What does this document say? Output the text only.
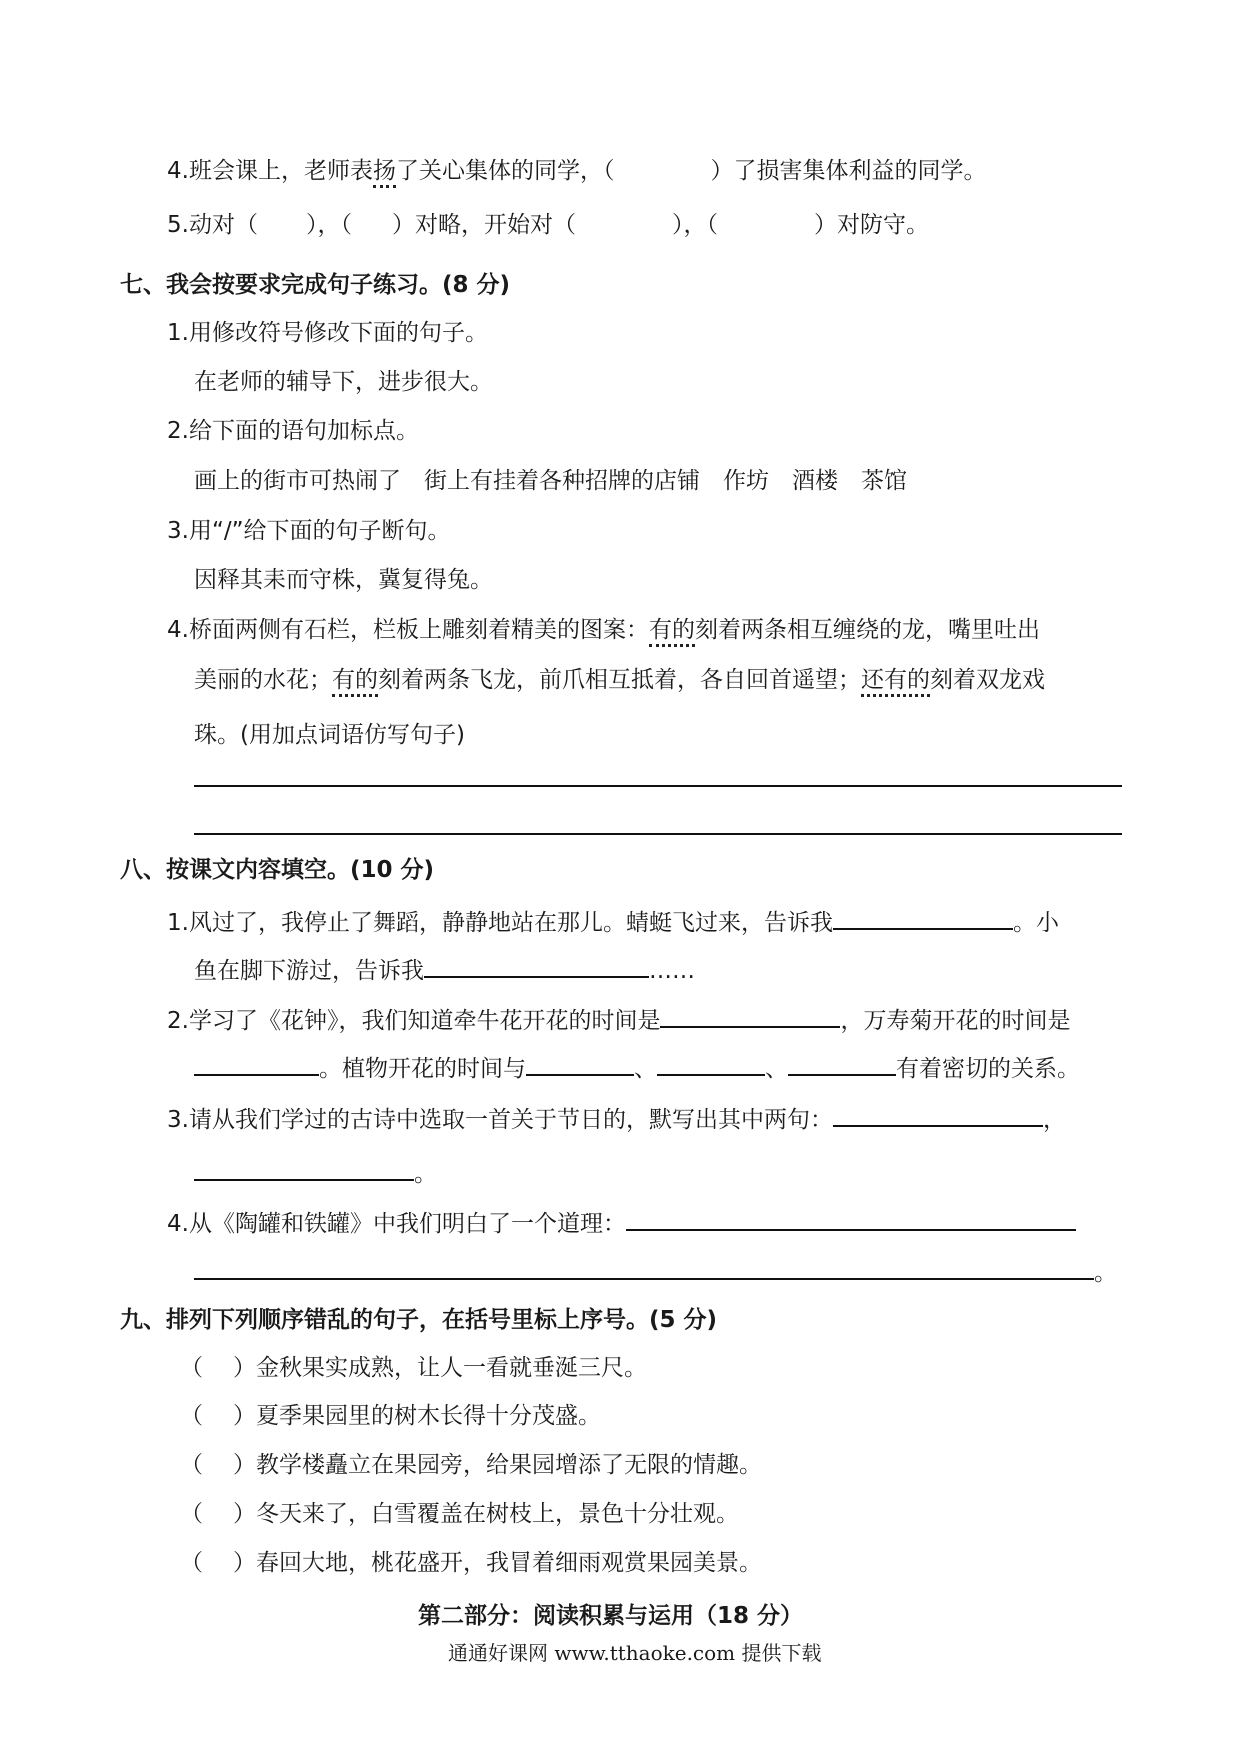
4.班会课上，老师表扬了关心集体的同学，（	）了损害集体利益的同学。
5.动对（ ），（ ）对略，开始对（	），（	）对防守。
七、我会按要求完成句子练习。(8 分)
1.用修改符号修改下面的句子。
在老师的辅导下，进步很大。
2.给下面的语句加标点。
画上的街市可热闹了　街上有挂着各种招牌的店铺　作坊　酒楼　茶馆
3.用“/”给下面的句子断句。
因释其耒而守株，冀复得兔。
4.桥面两侧有石栏，栏板上雕刻着精美的图案：有的刻着两条相互缠绕的龙，嘴里吐出
美丽的水花；有的刻着两条飞龙，前爪相互抵着，各自回首遥望；还有的刻着双龙戏
珠。(用加点词语仿写句子)
八、按课文内容填空。(10 分)
1.风过了，我停止了舞蹈，静静地站在那儿。蜻蜓飞过来，告诉我	。小
鱼在脚下游过，告诉我	……
2.学习了《花钟》，我们知道牵牛花开花的时间是	，万寿菊开花的时间是
。植物开花的时间与	、	、	有着密切的关系。
3.请从我们学过的古诗中选取一首关于节日的，默写出其中两句：	，
。
4.从《陶罐和铁罐》中我们明白了一个道理：
。
九、排列下列顺序错乱的句子，在括号里标上序号。(5 分)
（ ）金秋果实成熟，让人一看就垂涎三尺。
（ ）夏季果园里的树木长得十分茂盛。
（ ）教学楼矗立在果园旁，给果园增添了无限的情趣。
（ ）冬天来了，白雪覆盖在树枝上，景色十分壮观。
（ ）春回大地，桃花盛开，我冒着细雨观赏果园美景。
第二部分：阅读积累与运用（18 分）
通通好课网 www.tthaoke.com 提供下载
